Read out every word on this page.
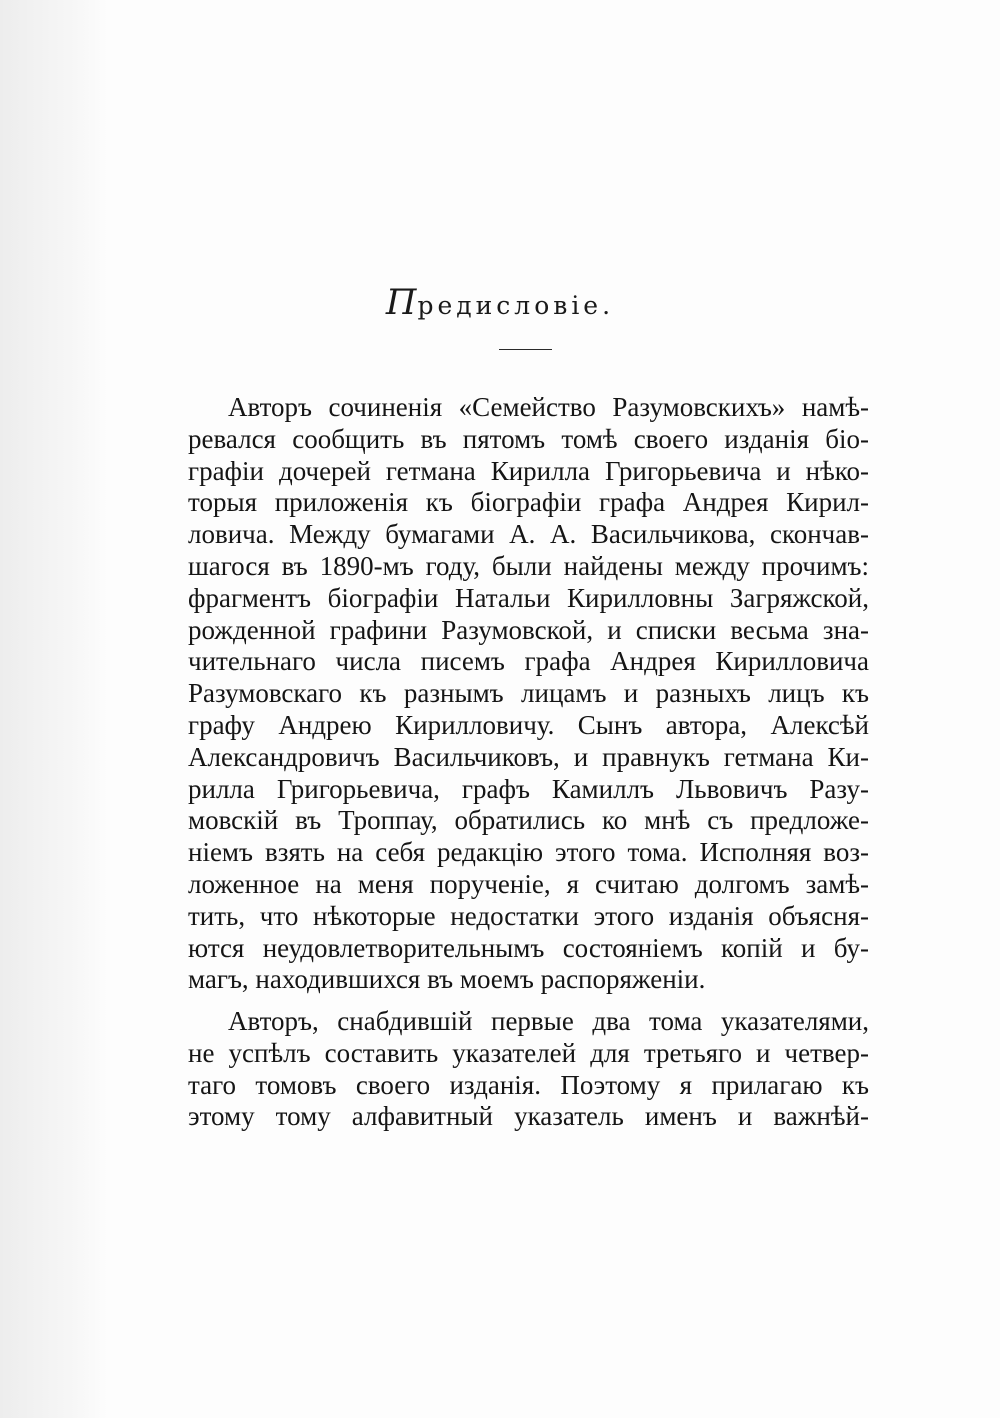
Предисловіе.
Авторъ сочиненія «Семейство Разумовскихъ» намѣ-
ревался сообщить въ пятомъ томѣ своего изданія біо-
графіи дочерей гетмана Кирилла Григорьевича и нѣко-
торыя приложенія къ біографіи графа Андрея Кирил-
ловича. Между бумагами А. А. Васильчикова, скончав-
шагося въ 1890-мъ году, были найдены между прочимъ:
фрагментъ біографіи Натальи Кирилловны Загряжской,
рожденной графини Разумовской, и списки весьма зна-
чительнаго числа писемъ графа Андрея Кирилловича
Разумовскаго къ разнымъ лицамъ и разныхъ лицъ къ
графу Андрею Кирилловичу. Сынъ автора, Алексѣй
Александровичъ Васильчиковъ, и правнукъ гетмана Ки-
рилла Григорьевича, графъ Камиллъ Львовичъ Разу-
мовскій въ Троппау, обратились ко мнѣ съ предложе-
ніемъ взять на себя редакцію этого тома. Исполняя воз-
ложенное на меня порученіе, я считаю долгомъ замѣ-
тить, что нѣкоторые недостатки этого изданія объясня-
ются неудовлетворительнымъ состояніемъ копій и бу-
магъ, находившихся въ моемъ распоряженіи.
Авторъ, снабдившій первые два тома указателями,
не успѣлъ составить указателей для третьяго и четвер-
таго томовъ своего изданія. Поэтому я прилагаю къ
этому тому алфавитный указатель именъ и важнѣй-
